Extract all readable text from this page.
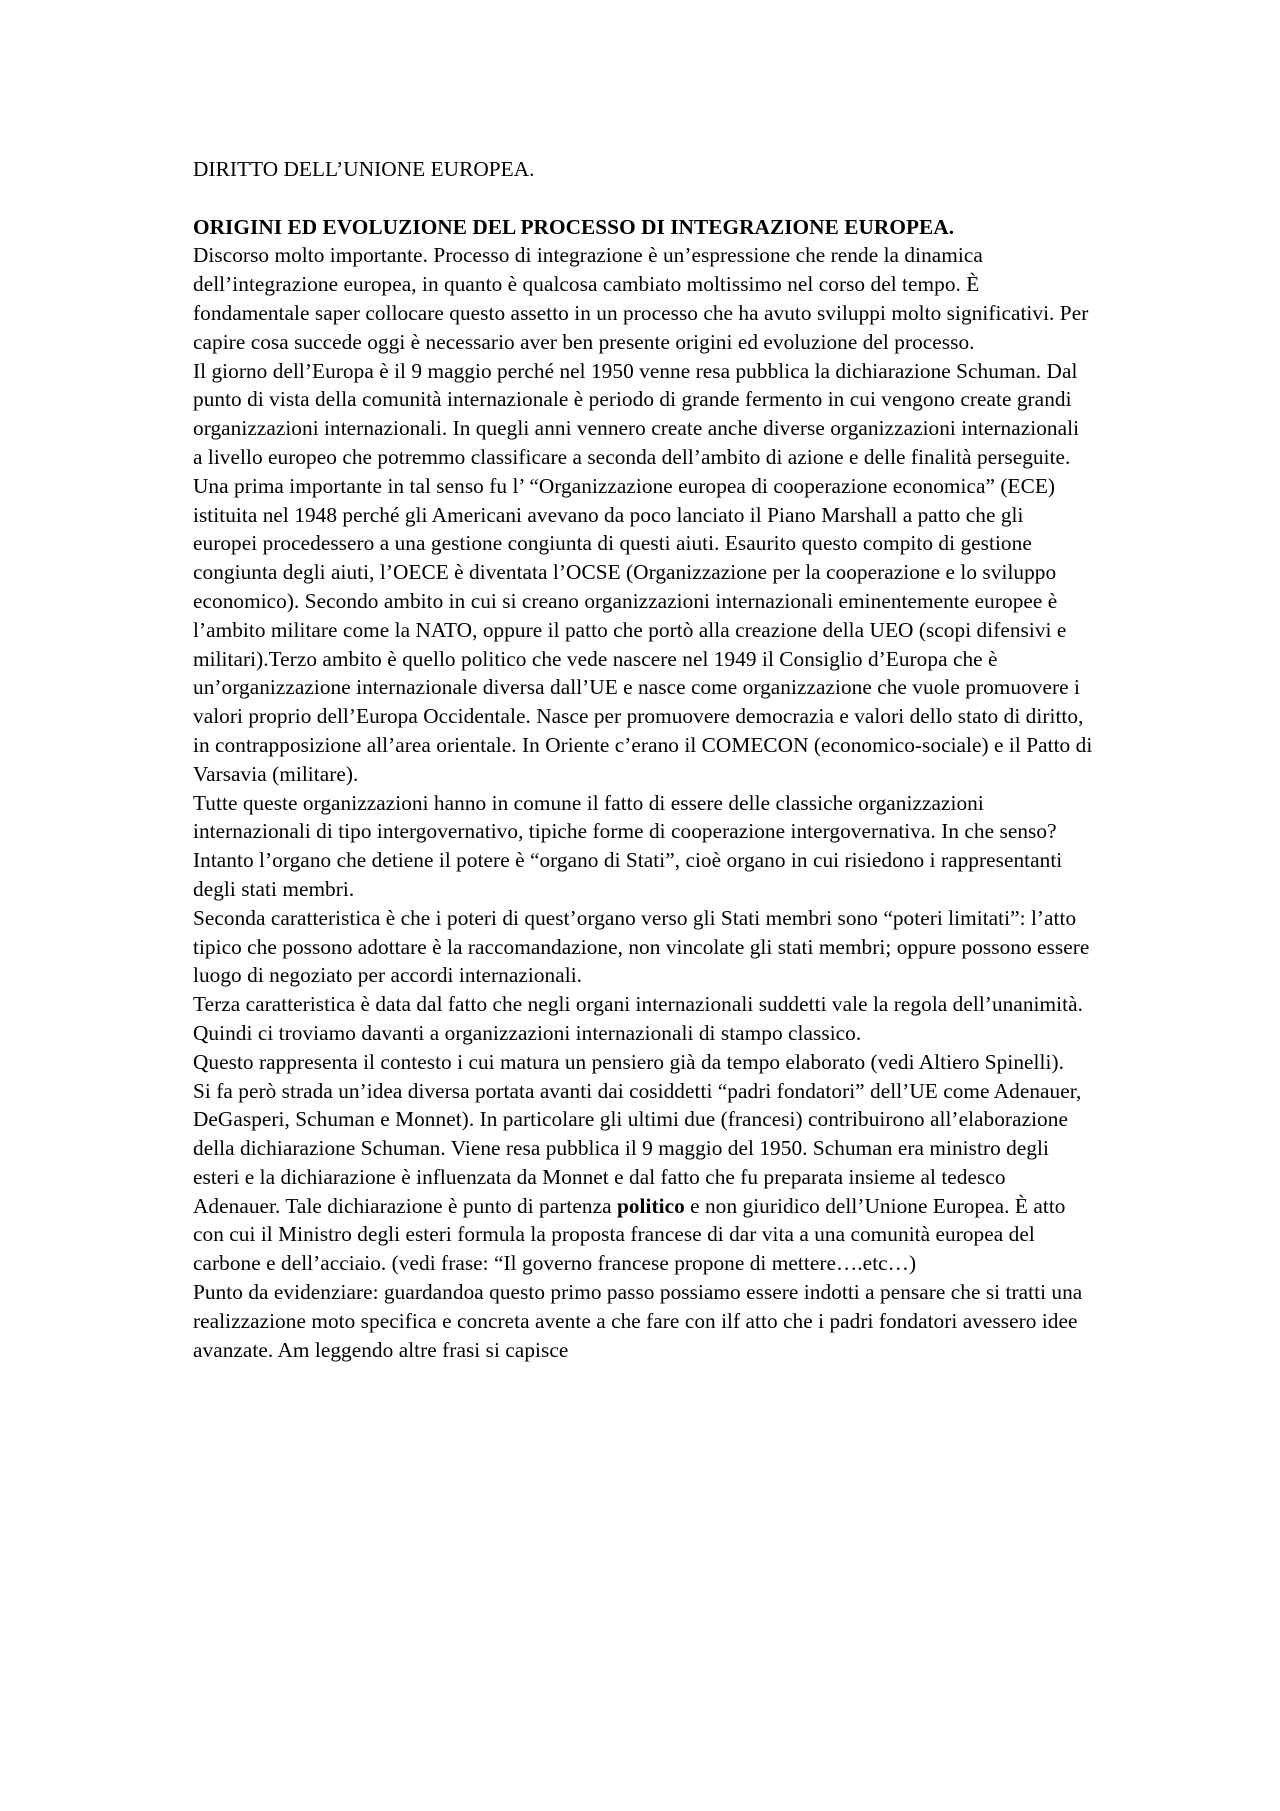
DIRITTO DELL’UNIONE EUROPEA.

ORIGINI ED EVOLUZIONE DEL PROCESSO DI INTEGRAZIONE EUROPEA.

Discorso molto importante. Processo di integrazione è un’espressione che rende la dinamica dell’integrazione europea, in quanto è qualcosa cambiato moltissimo nel corso del tempo. È fondamentale saper collocare questo assetto in un processo che ha avuto sviluppi molto significativi. Per capire cosa succede oggi è necessario aver ben presente origini ed evoluzione del processo.

Il giorno dell’Europa è il 9 maggio perché nel 1950 venne resa pubblica la dichiarazione Schuman. Dal punto di vista della comunità internazionale è periodo di grande fermento in cui vengono create grandi organizzazioni internazionali. In quegli anni vennero create anche diverse organizzazioni internazionali a livello europeo che potremmo classificare a seconda dell’ambito di azione e delle finalità perseguite. Una prima importante in tal senso fu l’ “Organizzazione europea di cooperazione economica” (ECE) istituita nel 1948 perché gli Americani avevano da poco lanciato il Piano Marshall a patto che gli europei procedessero a una gestione congiunta di questi aiuti. Esaurito questo compito di gestione congiunta degli aiuti, l’OECE è diventata l’OCSE (Organizzazione per la cooperazione e lo sviluppo economico). Secondo ambito in cui si creano organizzazioni internazionali eminentemente europee è l’ambito militare come la NATO, oppure il patto che portò alla creazione della UEO (scopi difensivi e militari).Terzo ambito è quello politico che vede nascere nel 1949 il Consiglio d’Europa che è un’organizzazione internazionale diversa dall’UE e nasce come organizzazione che vuole promuovere i valori proprio dell’Europa Occidentale. Nasce per promuovere democrazia e valori dello stato di diritto, in contrapposizione all’area orientale. In Oriente c’erano il COMECON (economico-sociale) e il Patto di Varsavia (militare).

Tutte queste organizzazioni hanno in comune il fatto di essere delle classiche organizzazioni internazionali di tipo intergovernativo, tipiche forme di cooperazione intergovernativa. In che senso? Intanto l’organo che detiene il potere è “organo di Stati”, cioè organo in cui risiedono i rappresentanti degli stati membri.

Seconda caratteristica è che i poteri di quest’organo verso gli Stati membri sono “poteri limitati”: l’atto tipico che possono adottare è la raccomandazione, non vincolate gli stati membri; oppure possono essere luogo di negoziato per accordi internazionali.

Terza caratteristica è data dal fatto che negli organi internazionali suddetti vale la regola dell’unanimità.

Quindi ci troviamo davanti a organizzazioni internazionali di stampo classico.

Questo rappresenta il contesto i cui matura un pensiero già da tempo elaborato (vedi Altiero Spinelli).

Si fa però strada un’idea diversa portata avanti dai cosiddetti “padri fondatori” dell’UE come Adenauer, DeGasperi, Schuman e Monnet). In particolare gli ultimi due (francesi) contribuirono all’elaborazione della dichiarazione Schuman. Viene resa pubblica il 9 maggio del 1950. Schuman era ministro degli esteri e la dichiarazione è influenzata da Monnet e dal fatto che fu preparata insieme al tedesco Adenauer. Tale dichiarazione è punto di partenza politico e non giuridico dell’Unione Europea. È atto con cui il Ministro degli esteri formula la proposta francese di dar vita a una comunità europea del carbone e dell’acciaio. (vedi frase: “Il governo francese propone di mettere….etc…)

Punto da evidenziare: guardandoa questo primo passo possiamo essere indotti a pensare che si tratti una realizzazione moto specifica e concreta avente a che fare con ilf atto che i padri fondatori avessero idee avanzate. Am leggendo altre frasi si capisce
